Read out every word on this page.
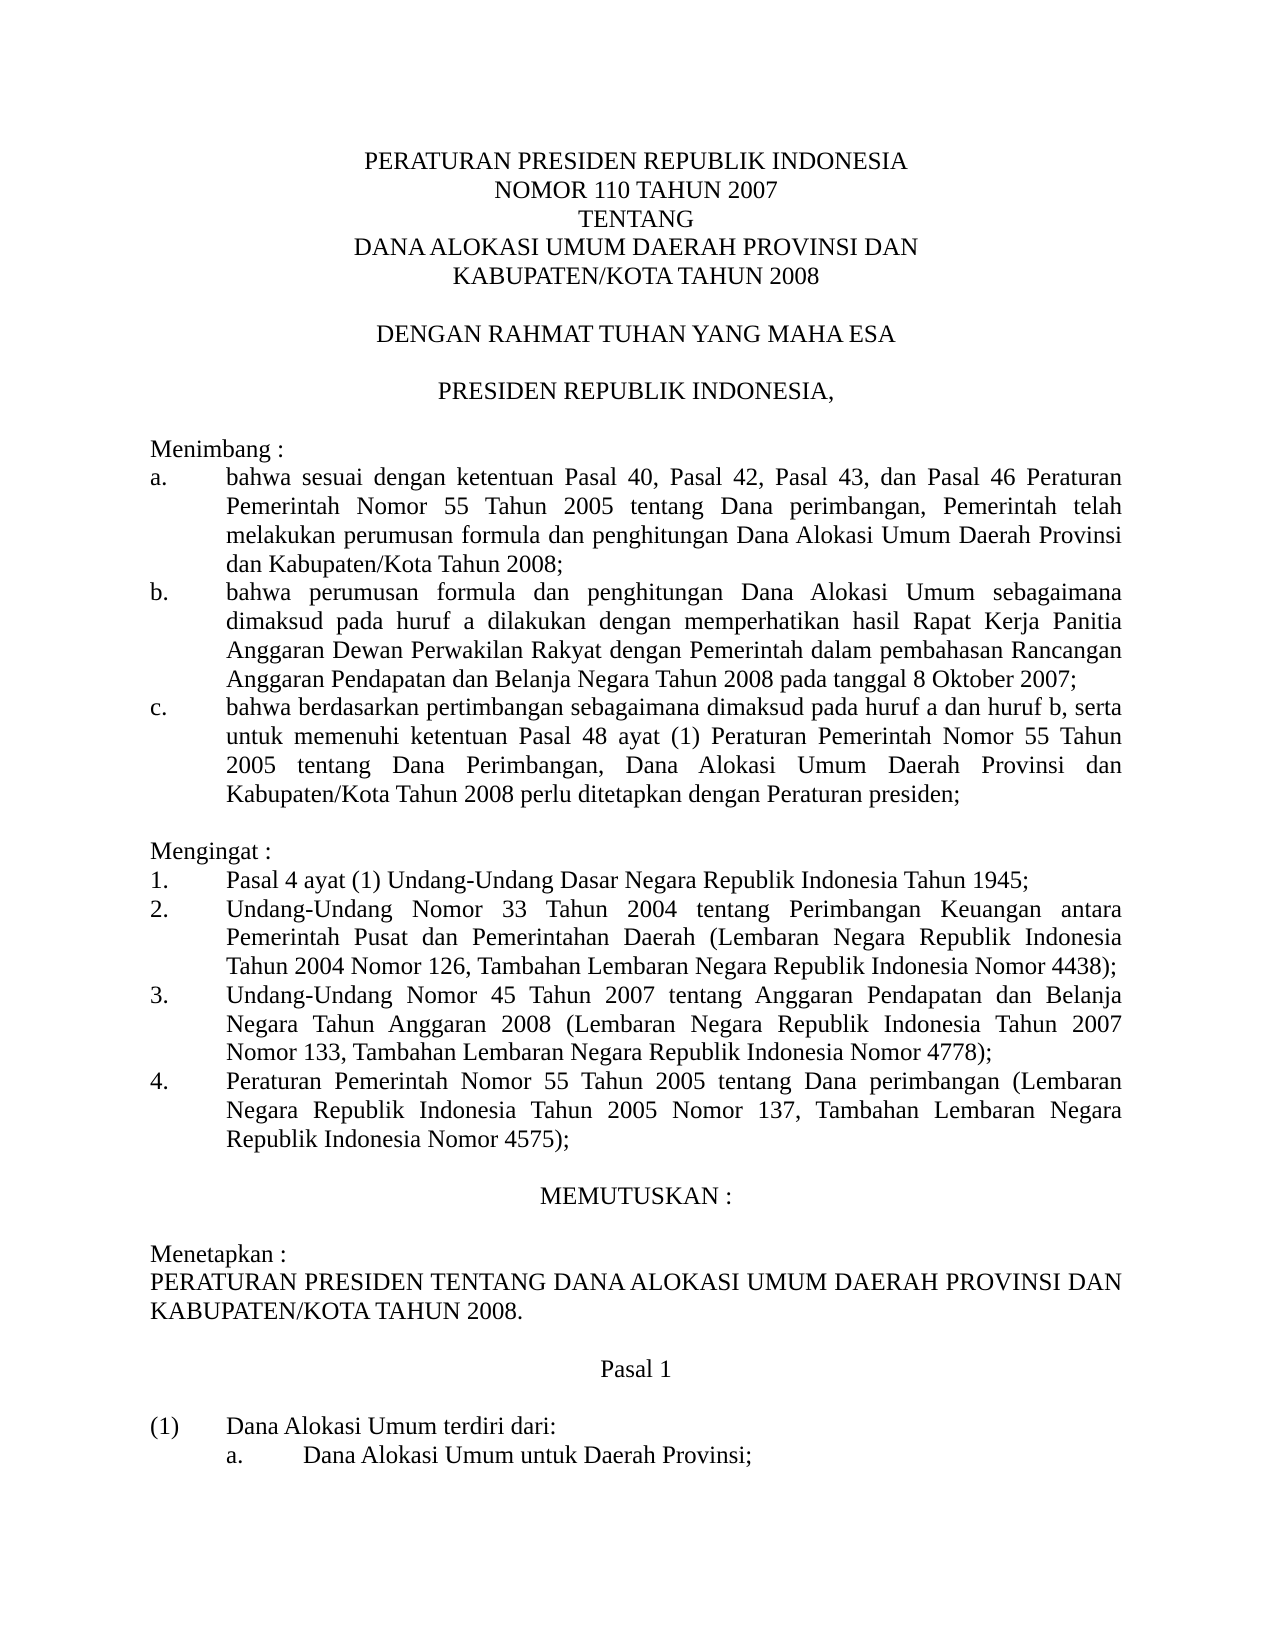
PERATURAN PRESIDEN REPUBLIK INDONESIA
NOMOR 110 TAHUN 2007
TENTANG
DANA ALOKASI UMUM DAERAH PROVINSI DAN
KABUPATEN/KOTA TAHUN 2008
DENGAN RAHMAT TUHAN YANG MAHA ESA
PRESIDEN REPUBLIK INDONESIA,
Menimbang :
a.	bahwa sesuai dengan ketentuan Pasal 40, Pasal 42, Pasal 43, dan Pasal 46 Peraturan Pemerintah Nomor 55 Tahun 2005 tentang Dana perimbangan, Pemerintah telah melakukan perumusan formula dan penghitungan Dana Alokasi Umum Daerah Provinsi dan Kabupaten/Kota Tahun 2008;
b.	bahwa perumusan formula dan penghitungan Dana Alokasi Umum sebagaimana dimaksud pada huruf a dilakukan dengan memperhatikan hasil Rapat Kerja Panitia Anggaran Dewan Perwakilan Rakyat dengan Pemerintah dalam pembahasan Rancangan Anggaran Pendapatan dan Belanja Negara Tahun 2008 pada tanggal 8 Oktober 2007;
c.	bahwa berdasarkan pertimbangan sebagaimana dimaksud pada huruf a dan huruf b, serta untuk memenuhi ketentuan Pasal 48 ayat (1) Peraturan Pemerintah Nomor 55 Tahun 2005 tentang Dana Perimbangan, Dana Alokasi Umum Daerah Provinsi dan Kabupaten/Kota Tahun 2008 perlu ditetapkan dengan Peraturan presiden;
Mengingat :
1.	Pasal 4 ayat (1) Undang-Undang Dasar Negara Republik Indonesia Tahun 1945;
2.	Undang-Undang Nomor 33 Tahun 2004 tentang Perimbangan Keuangan antara Pemerintah Pusat dan Pemerintahan Daerah (Lembaran Negara Republik Indonesia Tahun 2004 Nomor 126, Tambahan Lembaran Negara Republik Indonesia Nomor 4438);
3.	Undang-Undang Nomor 45 Tahun 2007 tentang Anggaran Pendapatan dan Belanja Negara Tahun Anggaran 2008 (Lembaran Negara Republik Indonesia Tahun 2007 Nomor 133, Tambahan Lembaran Negara Republik Indonesia Nomor 4778);
4.	Peraturan Pemerintah Nomor 55 Tahun 2005 tentang Dana perimbangan (Lembaran Negara Republik Indonesia Tahun 2005 Nomor 137, Tambahan Lembaran Negara Republik Indonesia Nomor 4575);
MEMUTUSKAN :
Menetapkan :
PERATURAN PRESIDEN TENTANG DANA ALOKASI UMUM DAERAH PROVINSI DAN KABUPATEN/KOTA TAHUN 2008.
Pasal 1
(1)	Dana Alokasi Umum terdiri dari:
a.	Dana Alokasi Umum untuk Daerah Provinsi;
